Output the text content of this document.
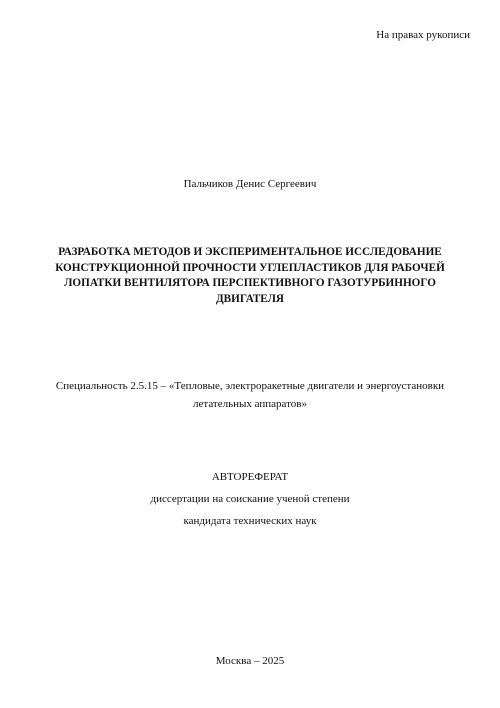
На правах рукописи
Пальчиков Денис Сергеевич
РАЗРАБОТКА МЕТОДОВ И ЭКСПЕРИМЕНТАЛЬНОЕ ИССЛЕДОВАНИЕ
КОНСТРУКЦИОННОЙ ПРОЧНОСТИ УГЛЕПЛАСТИКОВ ДЛЯ РАБОЧЕЙ
ЛОПАТКИ ВЕНТИЛЯТОРА ПЕРСПЕКТИВНОГО ГАЗОТУРБИННОГО
ДВИГАТЕЛЯ
Специальность 2.5.15 – «Тепловые, электроракетные двигатели и энергоустановки
летательных аппаратов»
АВТОРЕФЕРАТ
диссертации на соискание ученой степени
кандидата технических наук
Москва – 2025
